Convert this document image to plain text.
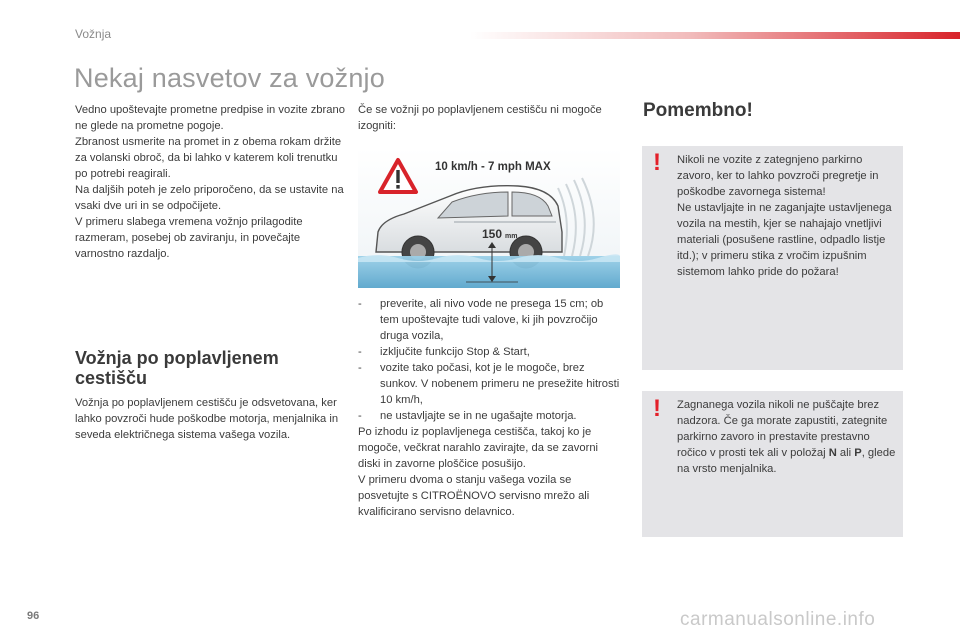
Vožnja
Nekaj nasvetov za vožnjo

Vedno upoštevajte prometne predpise in vozite zbrano ne glede na prometne pogoje.

Zbranost usmerite na promet in z obema rokam držite za volanski obroč, da bi lahko v katerem koli trenutku po potrebi reagirali.

Na daljših poteh je zelo priporočeno, da se ustavite na vsaki dve uri in se odpočijete.

V primeru slabega vremena vožnjo prilagodite razmeram, posebej ob zaviranju, in povečajte varnostno razdaljo.

Vožnja po poplavljenem cestišču

Vožnja po poplavljenem cestišču je odsvetovana, ker lahko povzroči hude poškodbe motorja, menjalnika in seveda električnega sistema vašega vozila.

Če se vožnji po poplavljenem cestišču ni mogoče izogniti:

10 km/h - 7 mph MAX
150 mm
- preverite, ali nivo vode ne presega 15 cm; ob tem upoštevajte tudi valove, ki jih povzročijo druga vozila,
- izključite funkcijo Stop & Start,
- vozite tako počasi, kot je le mogoče, brez sunkov. V nobenem primeru ne presežite hitrosti 10 km/h,
- ne ustavljajte se in ne ugašajte motorja.

Po izhodu iz poplavljenega cestišča, takoj ko je mogoče, večkrat narahlo zavirajte, da se zavorni diski in zavorne ploščice posušijo.

V primeru dvoma o stanju vašega vozila se posvetujte s CITROËNOVO servisno mrežo ali kvalificirano servisno delavnico.

Pomembno!
! Nikoli ne vozite z zategnjeno parkirno zavoro, ker to lahko povzroči pregretje in poškodbe zavornega sistema!
Ne ustavljajte in ne zaganjajte ustavljenega vozila na mestih, kjer se nahajajo vnetljivi materiali (posušene rastline, odpadlo listje itd.); v primeru stika z vročim izpušnim sistemom lahko pride do požara!
! Zagnanega vozila nikoli ne puščajte brez nadzora. Če ga morate zapustiti, zategnite parkirno zavoro in prestavite prestavno ročico v prosti tek ali v položaj N ali P, glede na vrsto menjalnika.
96	carmanualsonline.info
